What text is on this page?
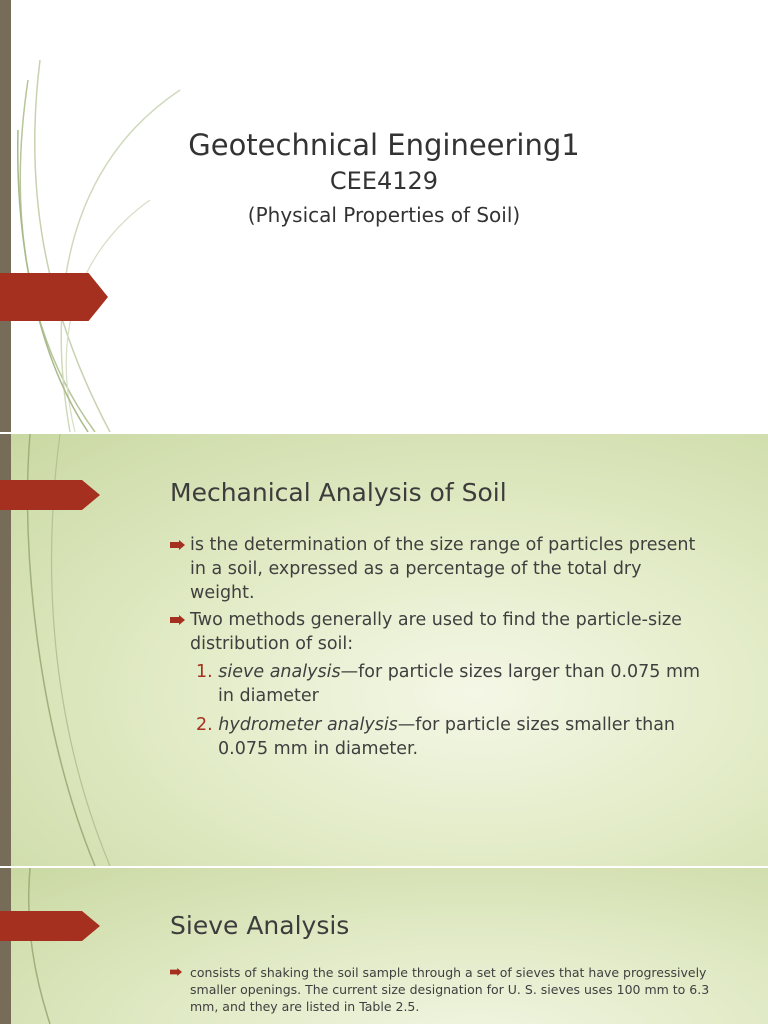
Geotechnical Engineering1
CEE4129
(Physical Properties of Soil)
Mechanical Analysis of Soil
is the determination of the size range of particles present in a soil, expressed as a percentage of the total dry weight.
Two methods generally are used to find the particle-size distribution of soil:
1. sieve analysis—for particle sizes larger than 0.075 mm in diameter
2. hydrometer analysis—for particle sizes smaller than 0.075 mm in diameter.
Sieve Analysis
consists of shaking the soil sample through a set of sieves that have progressively smaller openings. The current size designation for U. S. sieves uses 100 mm to 6.3 mm, and they are listed in Table 2.5.
